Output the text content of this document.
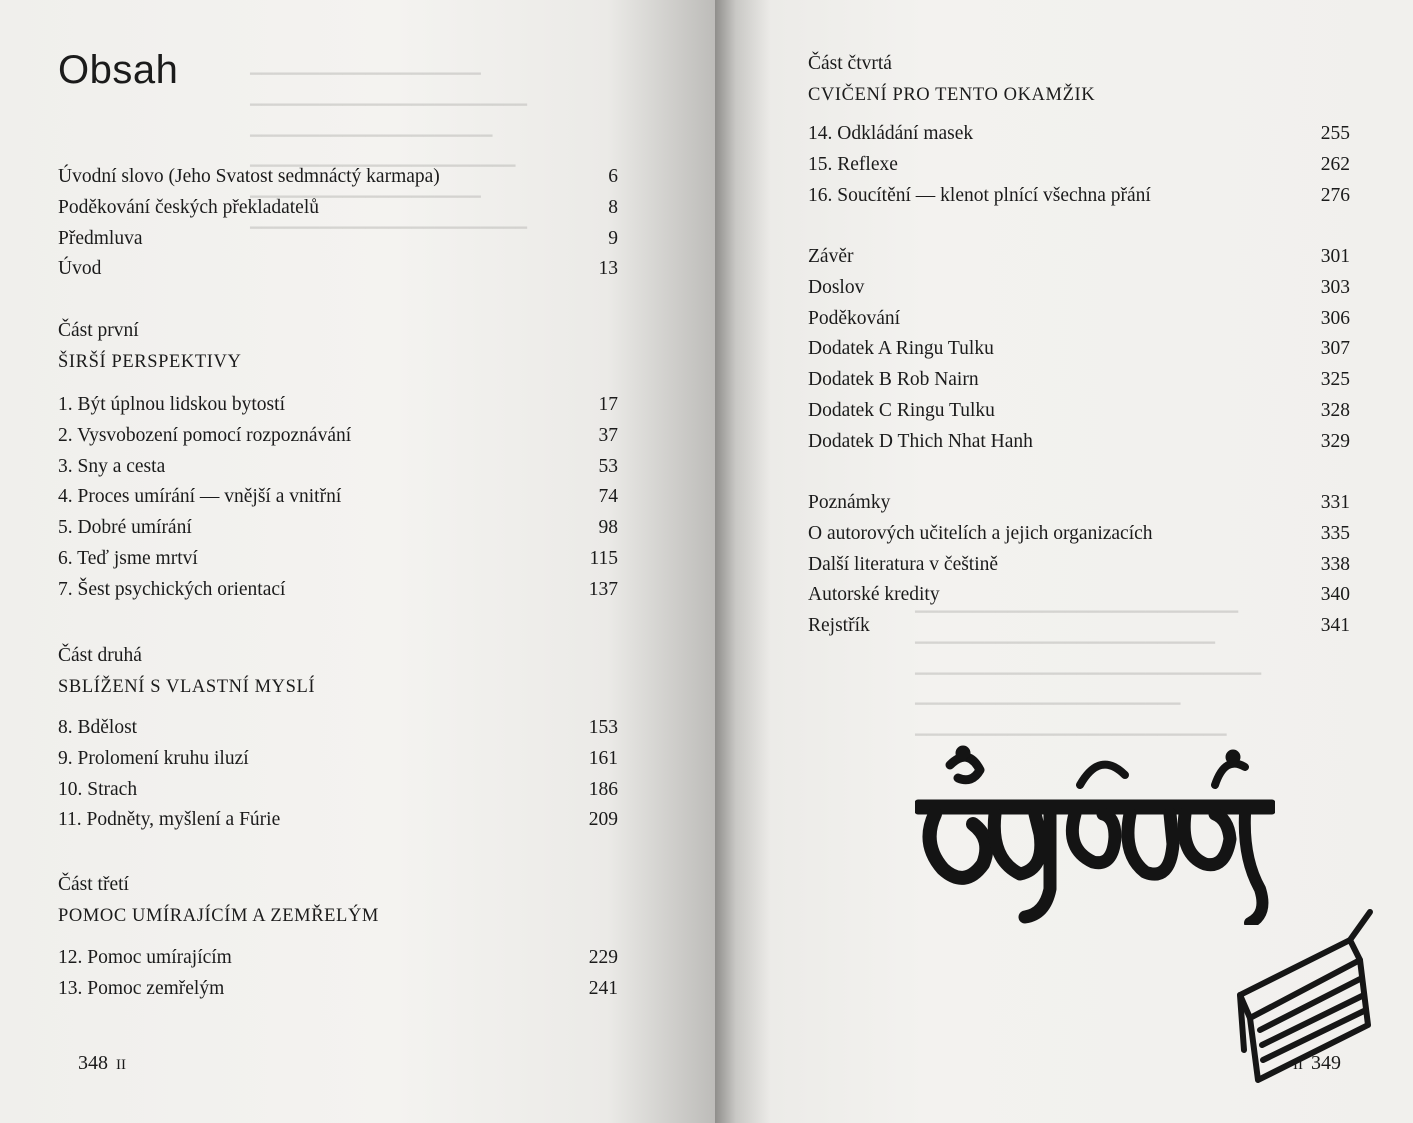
▁▁▁▁▁▁▁▁▁▁▁▁▁▁▁▁▁▁▁▁
▁▁▁▁▁▁▁▁▁▁▁▁▁▁▁▁▁▁▁▁▁▁▁▁
▁▁▁▁▁▁▁▁▁▁▁▁▁▁▁▁▁▁▁▁▁
▁▁▁▁▁▁▁▁▁▁▁▁▁▁▁▁▁▁▁▁▁▁▁
▁▁▁▁▁▁▁▁▁▁▁▁▁▁▁▁▁▁▁▁
▁▁▁▁▁▁▁▁▁▁▁▁▁▁▁▁▁▁▁▁▁▁▁▁
Obsah
Úvodní slovo (Jeho Svatost sedmnáctý karmapa)	6
Poděkování českých překladatelů	8
Předmluva	9
Úvod	13
Část první
ŠIRŠÍ PERSPEKTIVY
1. Být úplnou lidskou bytostí	17
2. Vysvobození pomocí rozpoznávání	37
3. Sny a cesta	53
4. Proces umírání — vnější a vnitřní	74
5. Dobré umírání	98
6. Teď jsme mrtví	115
7. Šest psychických orientací	137
Část druhá
SBLÍŽENÍ S VLASTNÍ MYSLÍ
8. Bdělost	153
9. Prolomení kruhu iluzí	161
10. Strach	186
11. Podněty, myšlení a Fúrie	209
Část třetí
POMOC UMÍRAJÍCÍM A ZEMŘELÝM
12. Pomoc umírajícím	229
13. Pomoc zemřelým	241
348 II
▁▁▁▁▁▁▁▁▁▁▁▁▁▁▁▁▁▁▁▁▁▁▁▁▁▁▁▁
▁▁▁▁▁▁▁▁▁▁▁▁▁▁▁▁▁▁▁▁▁▁▁▁▁▁
▁▁▁▁▁▁▁▁▁▁▁▁▁▁▁▁▁▁▁▁▁▁▁▁▁▁▁▁▁▁
▁▁▁▁▁▁▁▁▁▁▁▁▁▁▁▁▁▁▁▁▁▁▁
▁▁▁▁▁▁▁▁▁▁▁▁▁▁▁▁▁▁▁▁▁▁▁▁▁▁▁
Část čtvrtá
CVIČENÍ PRO TENTO OKAMŽIK
14. Odkládání masek	255
15. Reflexe	262
16. Soucítění — klenot plnící všechna přání	276
Závěr	301
Doslov	303
Poděkování	306
Dodatek A Ringu Tulku	307
Dodatek B Rob Nairn	325
Dodatek C Ringu Tulku	328
Dodatek D Thich Nhat Hanh	329
Poznámky	331
O autorových učitelích a jejich organizacích	335
Další literatura v češtině	338
Autorské kredity	340
Rejstřík	341
II 349
